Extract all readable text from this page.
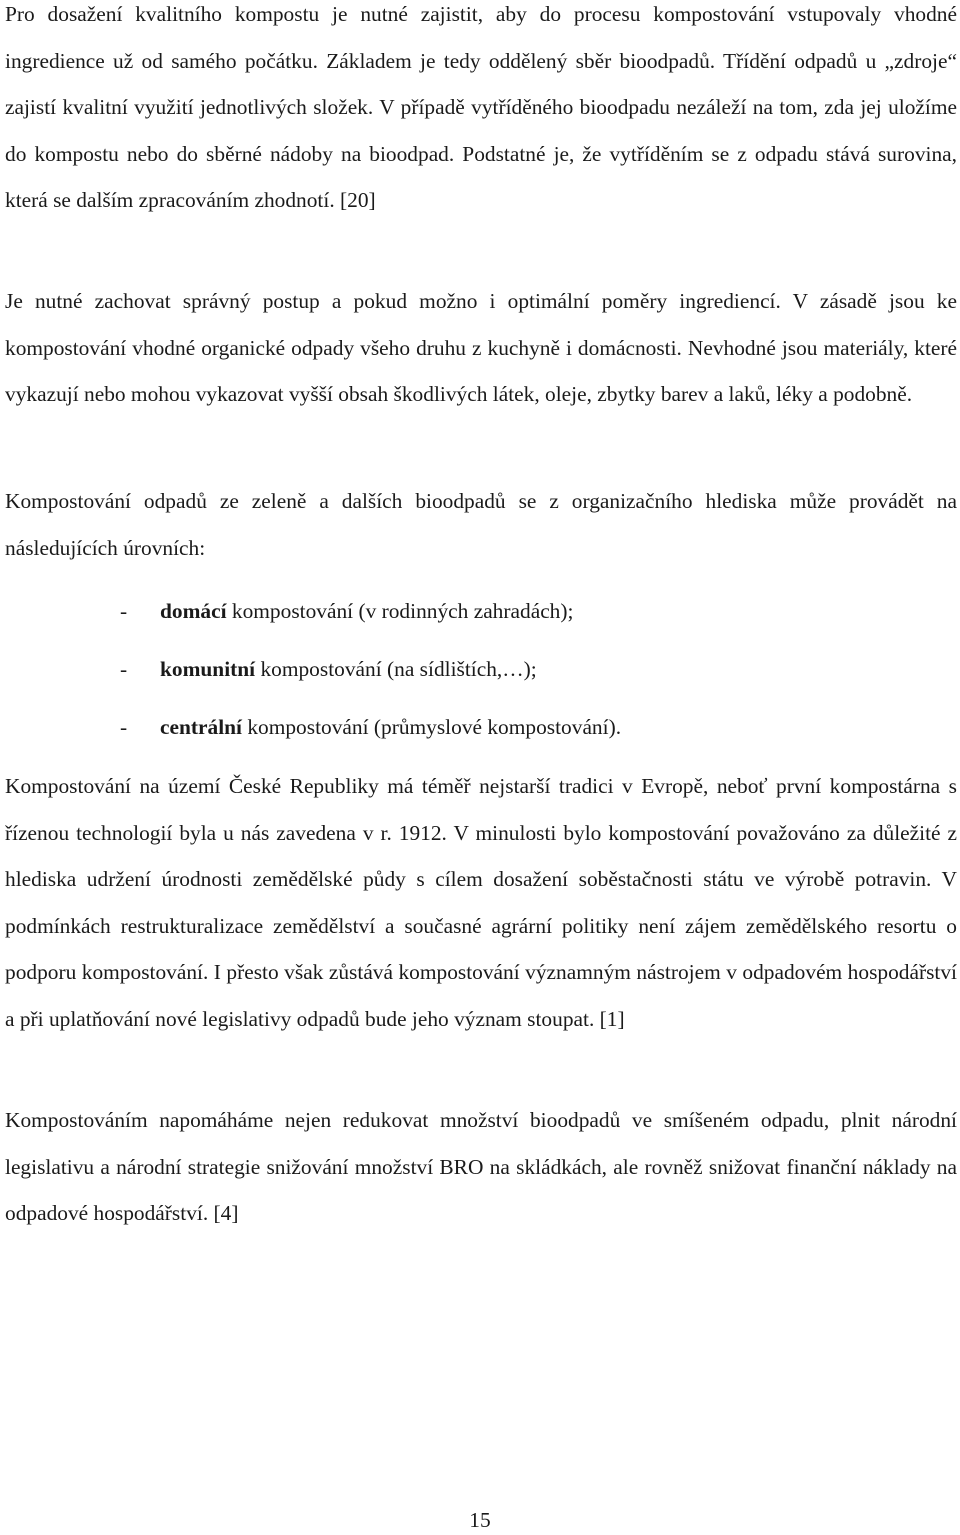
Pro dosažení kvalitního kompostu je nutné zajistit, aby do procesu kompostování vstupovaly vhodné ingredience už od samého počátku. Základem je tedy oddělený sběr bioodpadů. Třídění odpadů u „zdroje“ zajistí kvalitní využití jednotlivých složek. V případě vytříděného bioodpadu nezáleží na tom, zda jej uložíme do kompostu nebo do sběrné nádoby na bioodpad. Podstatné je, že vytříděním se z odpadu stává surovina, která se dalším zpracováním zhodnotí. [20]

Je nutné zachovat správný postup a pokud možno i optimální poměry ingrediencí. V zásadě jsou ke kompostování vhodné organické odpady všeho druhu z kuchyně i domácnosti. Nevhodné jsou materiály, které vykazují nebo mohou vykazovat vyšší obsah škodlivých látek, oleje, zbytky barev a laků, léky a podobně.

Kompostování odpadů ze zeleně a dalších bioodpadů se z organizačního hlediska může provádět na následujících úrovních:

- domácí kompostování (v rodinných zahradách);
- komunitní kompostování (na sídlištích,…);
- centrální kompostování (průmyslové kompostování).

Kompostování na území České Republiky má téměř nejstarší tradici v Evropě, neboť první kompostárna s řízenou technologií byla u nás zavedena v r. 1912. V minulosti bylo kompostování považováno za důležité z hlediska udržení úrodnosti zemědělské půdy s cílem dosažení soběstačnosti státu ve výrobě potravin. V podmínkách restrukturalizace zemědělství a současné agrární politiky není zájem zemědělského resortu o podporu kompostování. I přesto však zůstává kompostování významným nástrojem v odpadovém hospodářství a při uplatňování nové legislativy odpadů bude jeho význam stoupat. [1]

Kompostováním napomáháme nejen redukovat množství bioodpadů ve smíšeném odpadu, plnit národní legislativu a národní strategie snižování množství BRO na skládkách, ale rovněž snižovat finanční náklady na odpadové hospodářství. [4]

15
